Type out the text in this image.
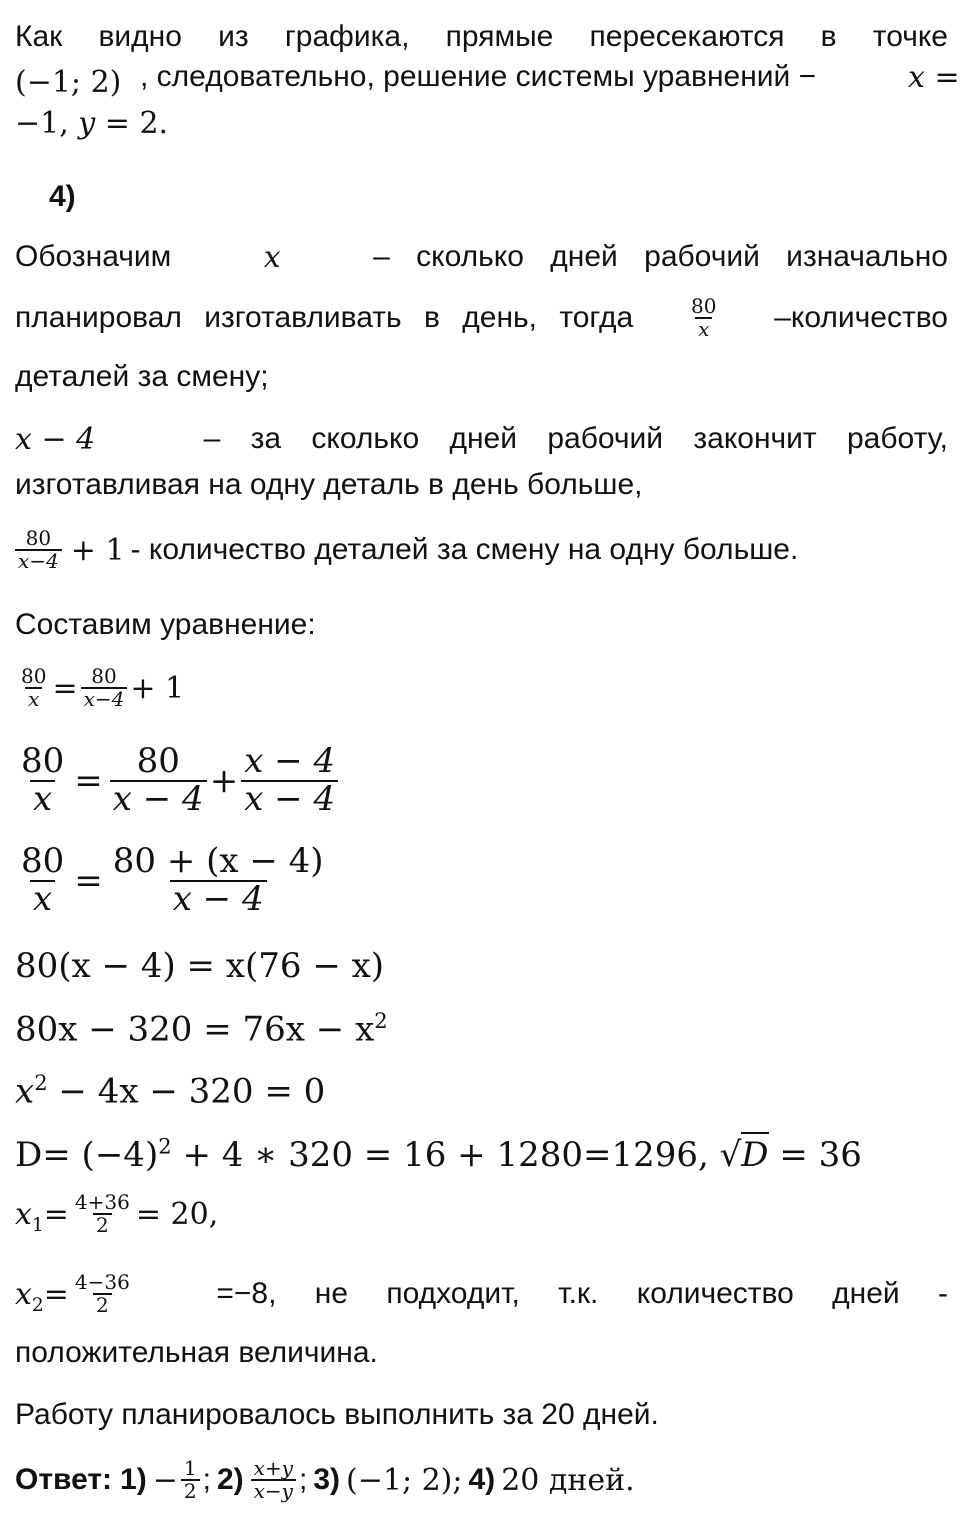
Как видно из графика, прямые пересекаются в точке
(−1; 2) , следовательно, решение системы уравнений −	x =
−1, y = 2.
4)
Обозначим	x	– сколько дней рабочий изначально
планировал изготавливать в день, тогда	$\frac{80}{x}$ –количество
деталей за смену;
x − 4	– за сколько дней рабочий закончит работу,
изготавливая на одну деталь в день больше,
$\frac{80}{x-4} + 1$ - количество деталей за смену на одну больше.
Составим уравнение:
$\frac{80}{x} = \frac{80}{x-4} + 1$
$\frac{80}{x} = \frac{80}{x - 4} + \frac{x - 4}{x - 4}$
$\frac{80}{x} = \frac{80 + (x - 4)}{x - 4}$
80(x − 4) = x(76 − x)
$80x - 320 = 76x - x^2$
$x^2 - 4x - 320 = 0$
$D= (-4)^2 + 4$ ∗ 320 = 16 + 1280=1296, √D = 36
$x_1 = \frac{4+36}{2} = 20$,
$x_2 = \frac{4-36}{2}$	=−8, не подходит, т.к. количество дней -
положительная величина.
Работу планировалось выполнить за 20 дней.
Ответ: $1) - \frac{1}{2}$ ; $2) \frac{x+y}{x-y}$ ; 3) (−1; 2); 4) 20 дней.
